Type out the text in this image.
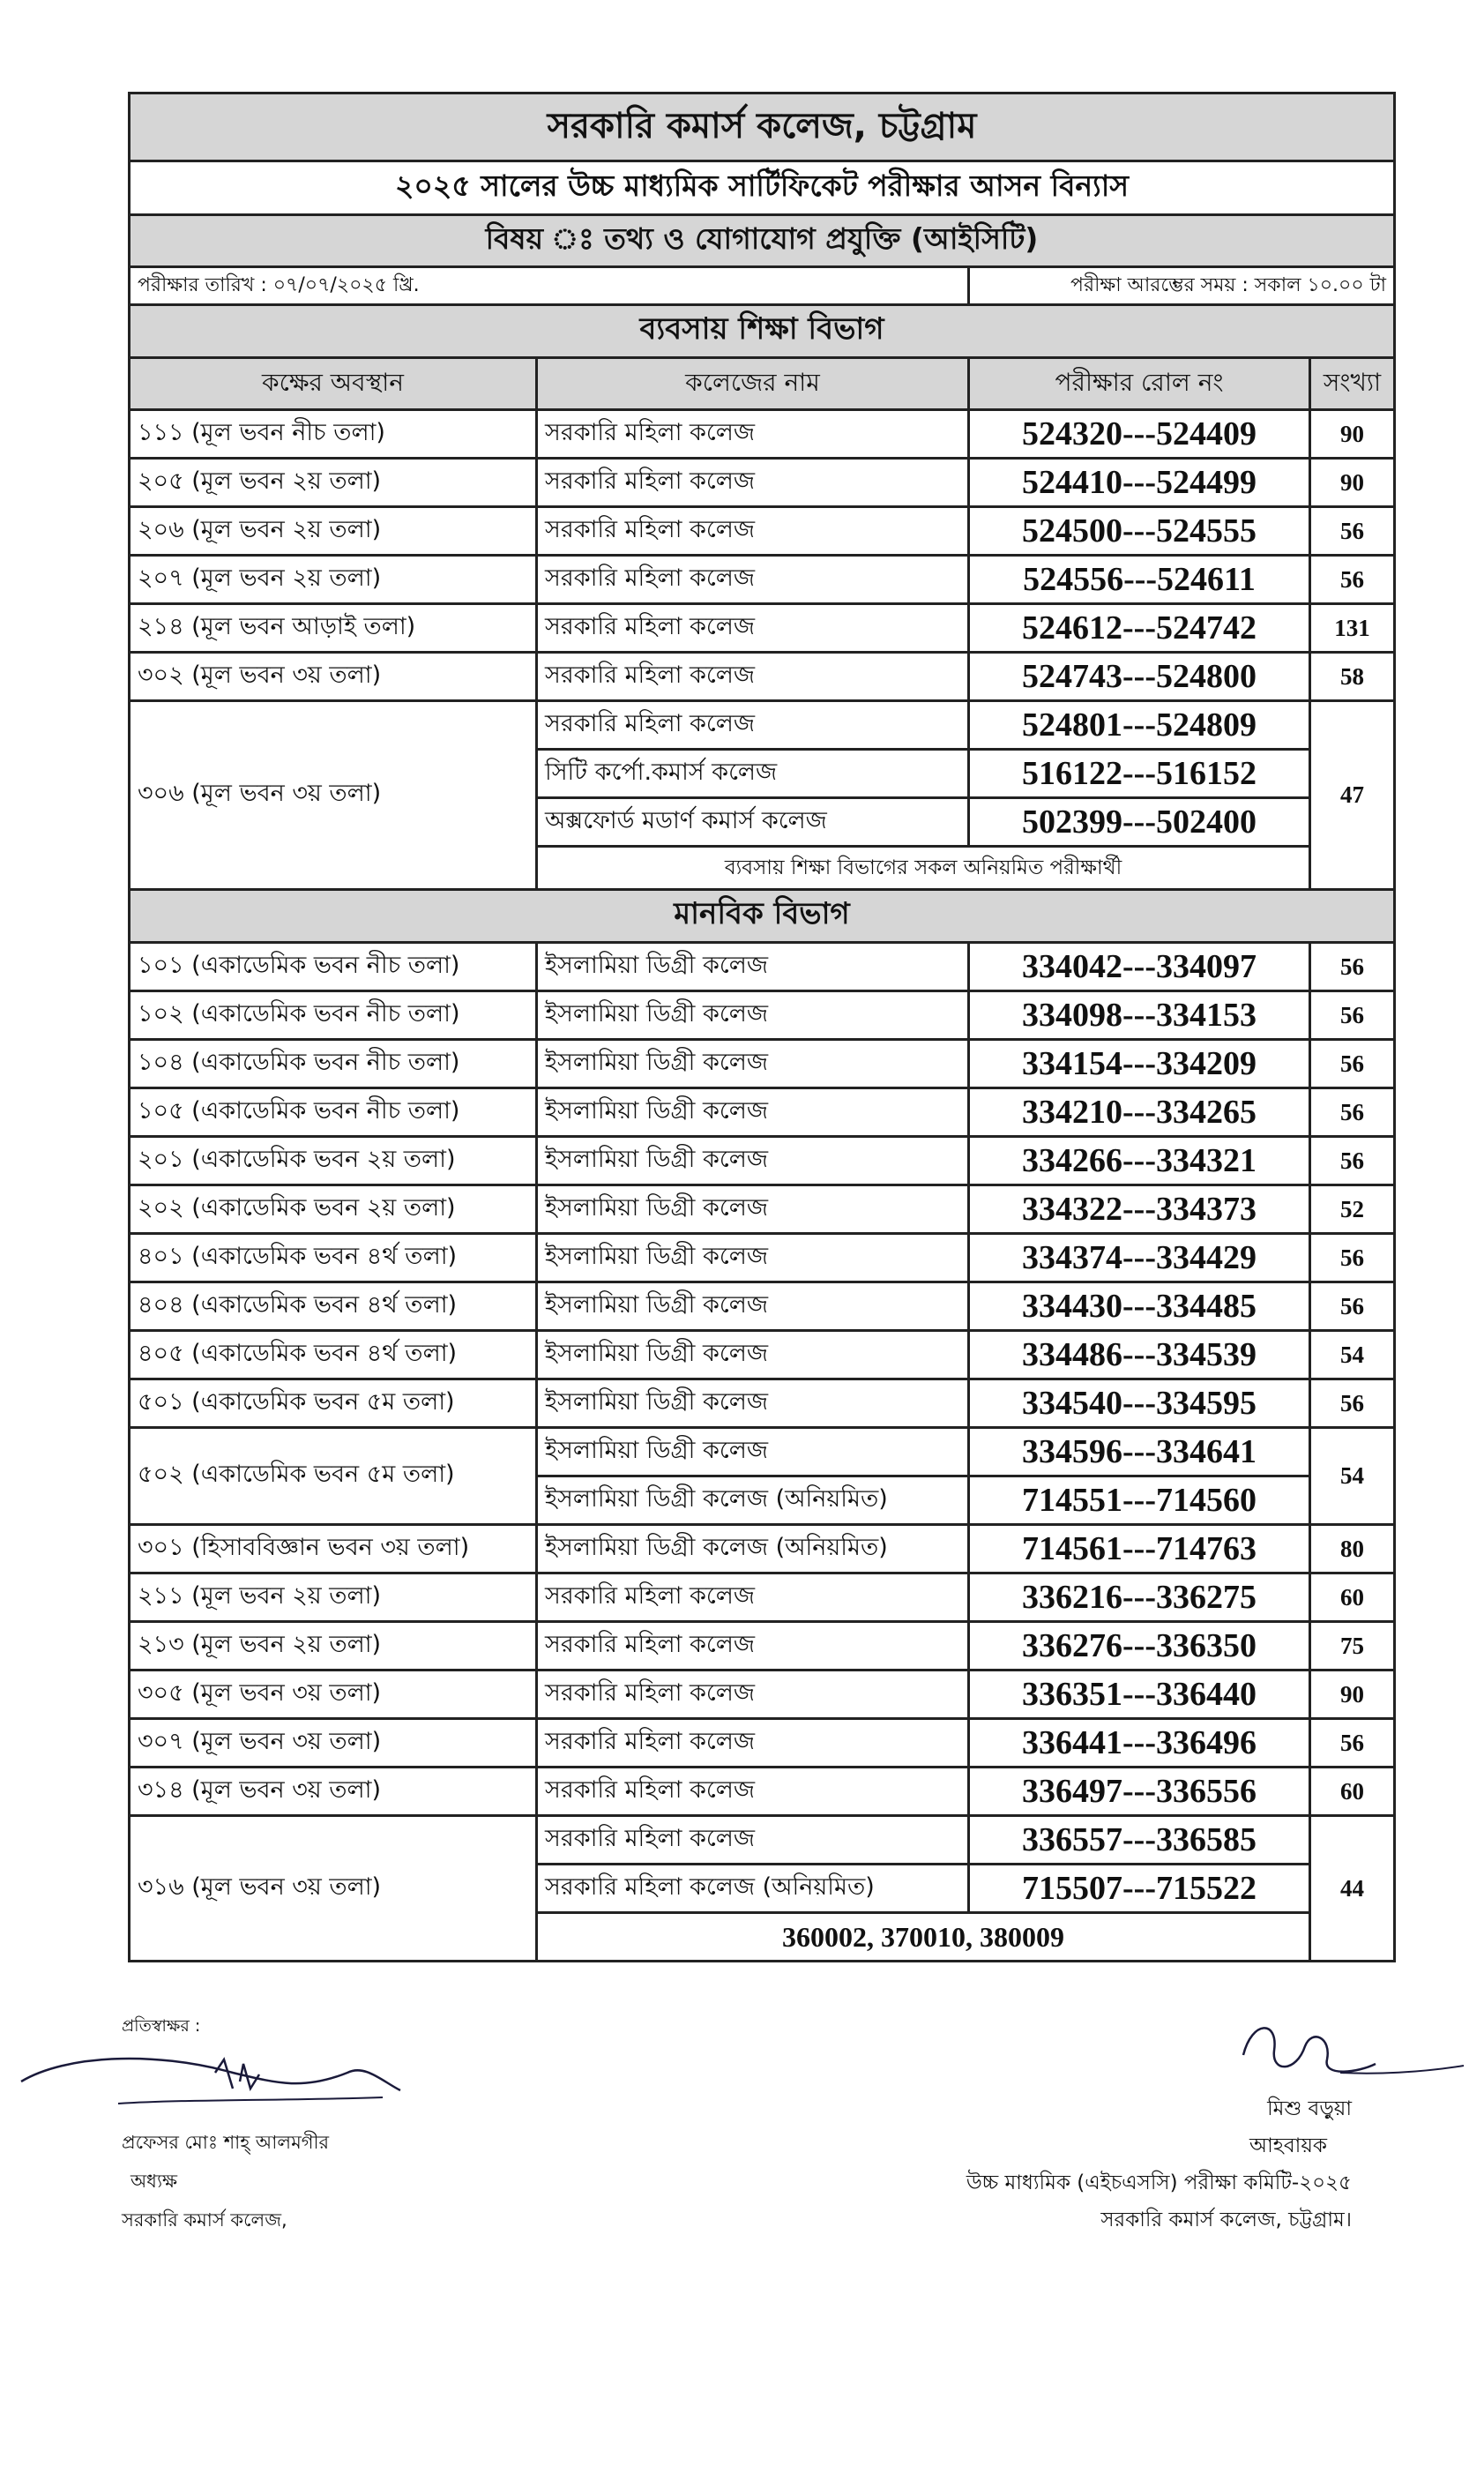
সরকারি কমার্স কলেজ, চট্টগ্রাম			
২০২৫ সালের উচ্চ মাধ্যমিক সার্টিফিকেট পরীক্ষার আসন বিন্যাস			
বিষয় ঃ তথ্য ও যোগাযোগ প্রযুক্তি (আইসিটি)			
পরীক্ষার তারিখ : ০৭/০৭/২০২৫ খ্রি.		পরীক্ষা আরম্ভের সময় : সকাল ১০.০০ টা	
ব্যবসায় শিক্ষা বিভাগ			
কক্ষের অবস্থান	কলেজের নাম	পরীক্ষার রোল নং	সংখ্যা
১১১ (মূল ভবন নীচ তলা)	সরকারি মহিলা কলেজ	524320---524409	90
২০৫ (মূল ভবন ২য় তলা)	সরকারি মহিলা কলেজ	524410---524499	90
২০৬ (মূল ভবন ২য় তলা)	সরকারি মহিলা কলেজ	524500---524555	56
২০৭ (মূল ভবন ২য় তলা)	সরকারি মহিলা কলেজ	524556---524611	56
২১৪ (মূল ভবন আড়াই তলা)	সরকারি মহিলা কলেজ	524612---524742	131
৩০২ (মূল ভবন ৩য় তলা)	সরকারি মহিলা কলেজ	524743---524800	58
৩০৬ (মূল ভবন ৩য় তলা)	সরকারি মহিলা কলেজ	524801---524809	47
	সিটি কর্পো.কমার্স কলেজ	516122---516152	
	অক্সফোর্ড মডার্ণ কমার্স কলেজ	502399---502400	
	ব্যবসায় শিক্ষা বিভাগের সকল অনিয়মিত পরীক্ষার্থী		
মানবিক বিভাগ			
১০১ (একাডেমিক ভবন নীচ তলা)	ইসলামিয়া ডিগ্রী কলেজ	334042---334097	56
১০২ (একাডেমিক ভবন নীচ তলা)	ইসলামিয়া ডিগ্রী কলেজ	334098---334153	56
১০৪ (একাডেমিক ভবন নীচ তলা)	ইসলামিয়া ডিগ্রী কলেজ	334154---334209	56
১০৫ (একাডেমিক ভবন নীচ তলা)	ইসলামিয়া ডিগ্রী কলেজ	334210---334265	56
২০১ (একাডেমিক ভবন ২য় তলা)	ইসলামিয়া ডিগ্রী কলেজ	334266---334321	56
২০২ (একাডেমিক ভবন ২য় তলা)	ইসলামিয়া ডিগ্রী কলেজ	334322---334373	52
৪০১ (একাডেমিক ভবন ৪র্থ তলা)	ইসলামিয়া ডিগ্রী কলেজ	334374---334429	56
৪০৪ (একাডেমিক ভবন ৪র্থ তলা)	ইসলামিয়া ডিগ্রী কলেজ	334430---334485	56
৪০৫ (একাডেমিক ভবন ৪র্থ তলা)	ইসলামিয়া ডিগ্রী কলেজ	334486---334539	54
৫০১ (একাডেমিক ভবন ৫ম তলা)	ইসলামিয়া ডিগ্রী কলেজ	334540---334595	56
৫০২ (একাডেমিক ভবন ৫ম তলা)	ইসলামিয়া ডিগ্রী কলেজ	334596---334641	54
	ইসলামিয়া ডিগ্রী কলেজ (অনিয়মিত)	714551---714560	
৩০১ (হিসাববিজ্ঞান ভবন ৩য় তলা)	ইসলামিয়া ডিগ্রী কলেজ (অনিয়মিত)	714561---714763	80
২১১ (মূল ভবন ২য় তলা)	সরকারি মহিলা কলেজ	336216---336275	60
২১৩ (মূল ভবন ২য় তলা)	সরকারি মহিলা কলেজ	336276---336350	75
৩০৫ (মূল ভবন ৩য় তলা)	সরকারি মহিলা কলেজ	336351---336440	90
৩০৭ (মূল ভবন ৩য় তলা)	সরকারি মহিলা কলেজ	336441---336496	56
৩১৪ (মূল ভবন ৩য় তলা)	সরকারি মহিলা কলেজ	336497---336556	60
৩১৬ (মূল ভবন ৩য় তলা)	সরকারি মহিলা কলেজ	336557---336585	44
	সরকারি মহিলা কলেজ (অনিয়মিত)	715507---715522	
	360002, 370010, 380009		
প্রতিস্বাক্ষর :
প্রফেসর মোঃ শাহ্‌ আলমগীর
অধ্যক্ষ
সরকারি কমার্স কলেজ,
মিশু বড়ুয়া
আহবায়ক
উচ্চ মাধ্যমিক (এইচএসসি) পরীক্ষা কমিটি-২০২৫
সরকারি কমার্স কলেজ, চট্টগ্রাম।
